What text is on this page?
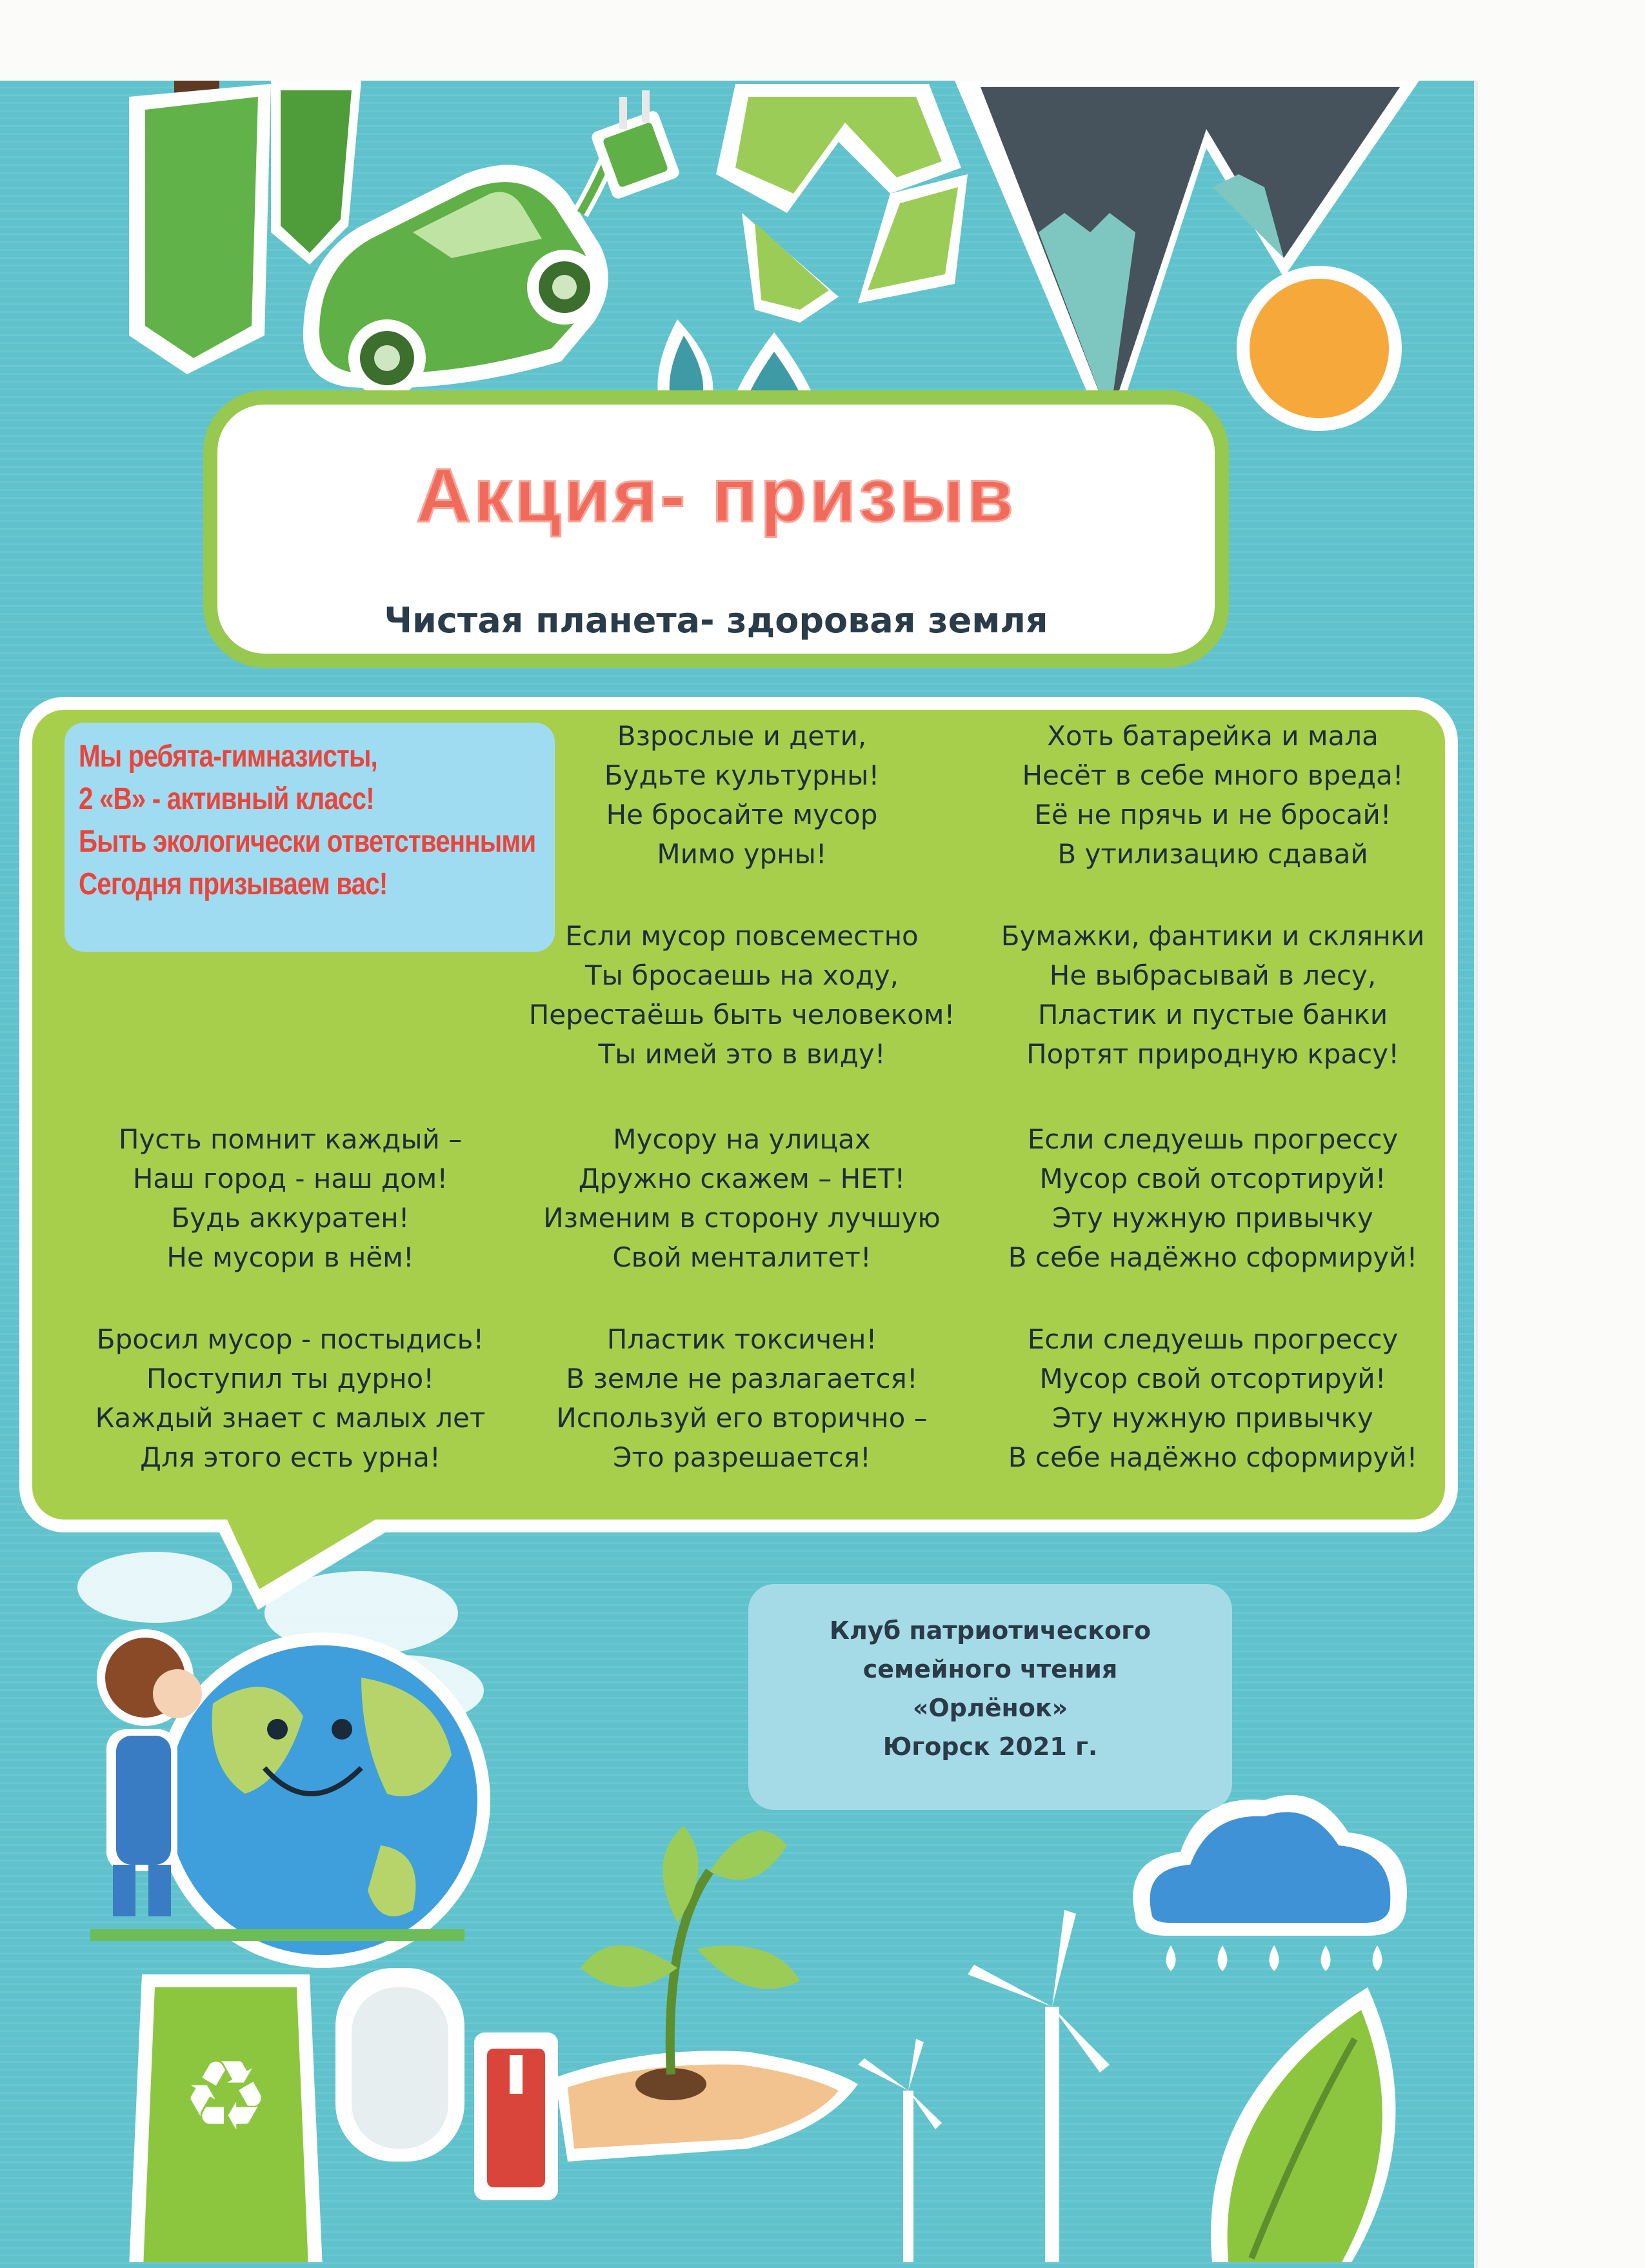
♻
Акция- призыв
Чистая планета- здоровая земля
Мы ребята-гимназисты,
2 «В» - активный класс!
Быть экологически ответственными
Сегодня призываем вас!
Взрослые и дети,
Будьте культурны!
Не бросайте мусор
Мимо урны!
Хоть батарейка и мала
Несёт в себе много вреда!
Её не прячь и не бросай!
В утилизацию сдавай
Если мусор повсеместно
Ты бросаешь на ходу,
Перестаёшь быть человеком!
Ты имей это в виду!
Бумажки, фантики и склянки
Не выбрасывай в лесу,
Пластик и пустые банки
Портят природную красу!
Пусть помнит каждый –
Наш город - наш дом!
Будь аккуратен!
Не мусори в нём!
Мусору на улицах
Дружно скажем – НЕТ!
Изменим в сторону лучшую
Свой менталитет!
Если следуешь прогрессу
Мусор свой отсортируй!
Эту нужную привычку
В себе надёжно сформируй!
Бросил мусор - постыдись!
Поступил ты дурно!
Каждый знает с малых лет
Для этого есть урна!
Пластик токсичен!
В земле не разлагается!
Используй его вторично –
Это разрешается!
Если следуешь прогрессу
Мусор свой отсортируй!
Эту нужную привычку
В себе надёжно сформируй!
Клуб патриотического
семейного чтения
«Орлёнок»
Югорск 2021 г.
